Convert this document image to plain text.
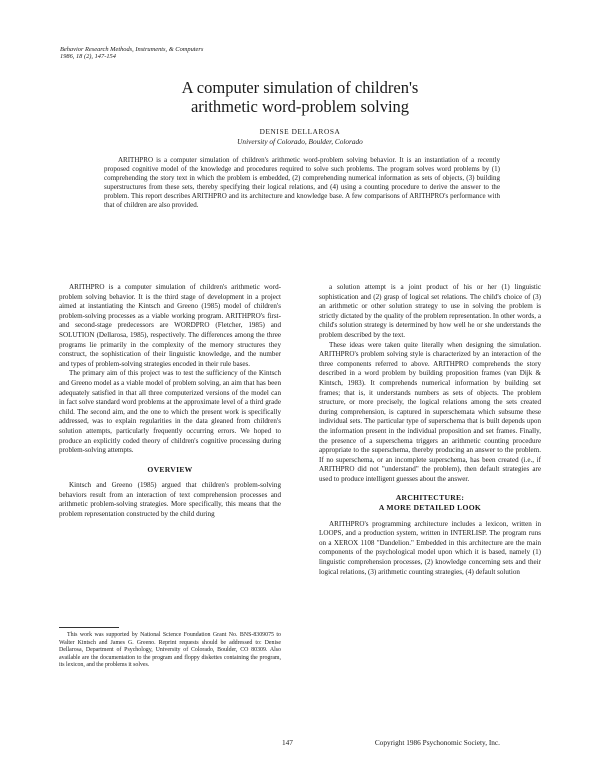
Behavior Research Methods, Instruments, & Computers
1986, 18 (2), 147-154
A computer simulation of children's
arithmetic word-problem solving
DENISE DELLAROSA
University of Colorado, Boulder, Colorado

ARITHPRO is a computer simulation of children's arithmetic word-problem solving behavior. It is an instantiation of a recently proposed cognitive model of the knowledge and procedures required to solve such problems. The program solves word problems by (1) comprehending the story text in which the problem is embedded, (2) comprehending numerical information as sets of objects, (3) building superstructures from these sets, thereby specifying their logical relations, and (4) using a counting procedure to derive the answer to the problem. This report describes ARITHPRO and its architecture and knowledge base. A few comparisons of ARITHPRO's performance with that of children are also provided.

ARITHPRO is a computer simulation of children's arithmetic word-problem solving behavior. It is the third stage of development in a project aimed at instantiating the Kintsch and Greeno (1985) model of children's problem-solving processes as a viable working program. ARITHPRO's first- and second-stage predecessors are WORDPRO (Fletcher, 1985) and SOLUTION (Dellarosa, 1985), respectively. The differences among the three programs lie primarily in the complexity of the memory structures they construct, the sophistication of their linguistic knowledge, and the number and types of problem-solving strategies encoded in their rule bases.

The primary aim of this project was to test the sufficiency of the Kintsch and Greeno model as a viable model of problem solving, an aim that has been adequately satisfied in that all three computerized versions of the model can in fact solve standard word problems at the approximate level of a third grade child. The second aim, and the one to which the present work is specifically addressed, was to explain regularities in the data gleaned from children's solution attempts, particularly frequently occurring errors. We hoped to produce an explicitly coded theory of children's cognitive processing during problem-solving attempts.

OVERVIEW

Kintsch and Greeno (1985) argued that children's problem-solving behaviors result from an interaction of text comprehension processes and arithmetic problem-solving strategies. More specifically, this means that the problem representation constructed by the child during

This work was supported by National Science Foundation Grant No. BNS-8309075 to Walter Kintsch and James G. Greeno. Reprint requests should be addressed to: Denise Dellarosa, Department of Psychology, University of Colorado, Boulder, CO 80309. Also available are the documentation to the program and floppy diskettes containing the program, its lexicon, and the problems it solves.

a solution attempt is a joint product of his or her (1) linguistic sophistication and (2) grasp of logical set relations. The child's choice of (3) an arithmetic or other solution strategy to use in solving the problem is strictly dictated by the quality of the problem representation. In other words, a child's solution strategy is determined by how well he or she understands the problem described by the text.

These ideas were taken quite literally when designing the simulation. ARITHPRO's problem solving style is characterized by an interaction of the three components referred to above. ARITHPRO comprehends the story described in a word problem by building proposition frames (van Dijk & Kintsch, 1983). It comprehends numerical information by building set frames; that is, it understands numbers as sets of objects. The problem structure, or more precisely, the logical relations among the sets created during comprehension, is captured in superschemata which subsume these individual sets. The particular type of superschema that is built depends upon the information present in the individual proposition and set frames. Finally, the presence of a superschema triggers an arithmetic counting procedure appropriate to the superschema, thereby producing an answer to the problem. If no superschema, or an incomplete superschema, has been created (i.e., if ARITHPRO did not "understand" the problem), then default strategies are used to produce intelligent guesses about the answer.

ARCHITECTURE:
A MORE DETAILED LOOK

ARITHPRO's programming architecture includes a lexicon, written in LOOPS, and a production system, written in INTERLISP. The program runs on a XEROX 1108 "Dandelion." Embedded in this architecture are the main components of the psychological model upon which it is based, namely (1) linguistic comprehension processes, (2) knowledge concerning sets and their logical relations, (3) arithmetic counting strategies, (4) default solution

147	Copyright 1986 Psychonomic Society, Inc.
